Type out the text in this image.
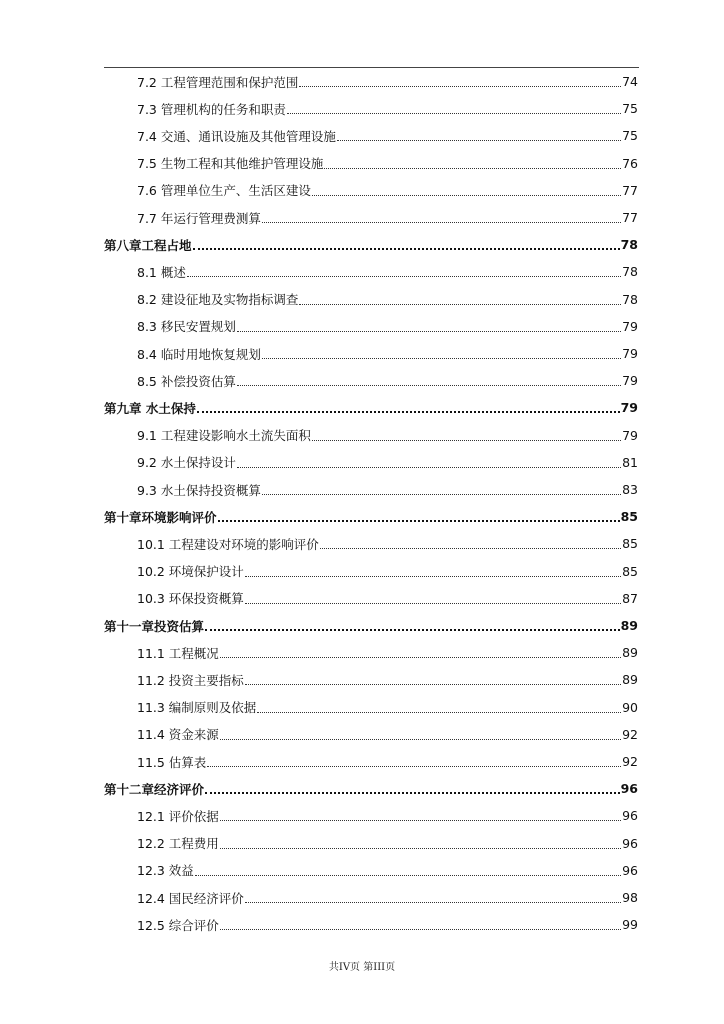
7.2 工程管理范围和保护范围	74
7.3 管理机构的任务和职责	75
7.4 交通、通讯设施及其他管理设施	75
7.5 生物工程和其他维护管理设施	76
7.6 管理单位生产、生活区建设	77
7.7 年运行管理费测算	77
第八章工程占地	78
8.1 概述	78
8.2 建设征地及实物指标调查	78
8.3 移民安置规划	79
8.4 临时用地恢复规划	79
8.5 补偿投资估算	79
第九章 水土保持	79
9.1 工程建设影响水土流失面积	79
9.2 水土保持设计	81
9.3 水土保持投资概算	83
第十章环境影响评价	85
10.1 工程建设对环境的影响评价	85
10.2 环境保护设计	85
10.3 环保投资概算	87
第十一章投资估算	89
11.1 工程概况	89
11.2 投资主要指标	89
11.3 编制原则及依据	90
11.4 资金来源	92
11.5 估算表	92
第十二章经济评价	96
12.1 评价依据	96
12.2 工程费用	96
12.3 效益	96
12.4 国民经济评价	98
12.5 综合评价	99
共IV页 第III页
